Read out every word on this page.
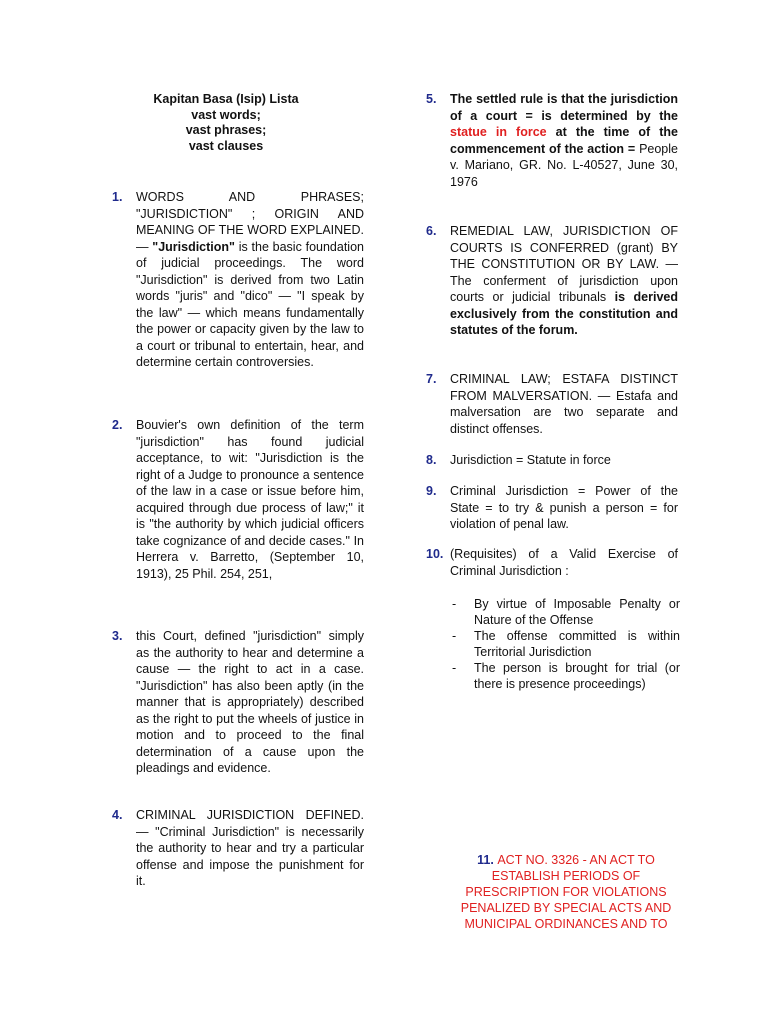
Kapitan Basa (Isip) Lista
vast words;
vast phrases;
vast clauses
1. WORDS AND PHRASES; "JURISDICTION" ; ORIGIN AND MEANING OF THE WORD EXPLAINED. — "Jurisdiction" is the basic foundation of judicial proceedings. The word "Jurisdiction" is derived from two Latin words "juris" and "dico" — "I speak by the law" — which means fundamentally the power or capacity given by the law to a court or tribunal to entertain, hear, and determine certain controversies.
2. Bouvier's own definition of the term "jurisdiction" has found judicial acceptance, to wit: "Jurisdiction is the right of a Judge to pronounce a sentence of the law in a case or issue before him, acquired through due process of law;" it is "the authority by which judicial officers take cognizance of and decide cases." In Herrera v. Barretto, (September 10, 1913), 25 Phil. 254, 251,
3. this Court, defined "jurisdiction" simply as the authority to hear and determine a cause — the right to act in a case. "Jurisdiction" has also been aptly (in the manner that is appropriately) described as the right to put the wheels of justice in motion and to proceed to the final determination of a cause upon the pleadings and evidence.
4. CRIMINAL JURISDICTION DEFINED. — "Criminal Jurisdiction" is necessarily the authority to hear and try a particular offense and impose the punishment for it.
5. The settled rule is that the jurisdiction of a court = is determined by the statue in force at the time of the commencement of the action = People v. Mariano, GR. No. L-40527, June 30, 1976
6. REMEDIAL LAW, JURISDICTION OF COURTS IS CONFERRED (grant) BY THE CONSTITUTION OR BY LAW. — The conferment of jurisdiction upon courts or judicial tribunals is derived exclusively from the constitution and statutes of the forum.
7. CRIMINAL LAW; ESTAFA DISTINCT FROM MALVERSATION. — Estafa and malversation are two separate and distinct offenses.
8. Jurisdiction = Statute in force
9. Criminal Jurisdiction = Power of the State = to try & punish a person = for violation of penal law.
10. (Requisites) of a Valid Exercise of Criminal Jurisdiction :
- By virtue of Imposable Penalty or Nature of the Offense
- The offense committed is within Territorial Jurisdiction
- The person is brought for trial (or there is presence proceedings)
11. ACT NO. 3326 - AN ACT TO ESTABLISH PERIODS OF PRESCRIPTION FOR VIOLATIONS PENALIZED BY SPECIAL ACTS AND MUNICIPAL ORDINANCES AND TO
